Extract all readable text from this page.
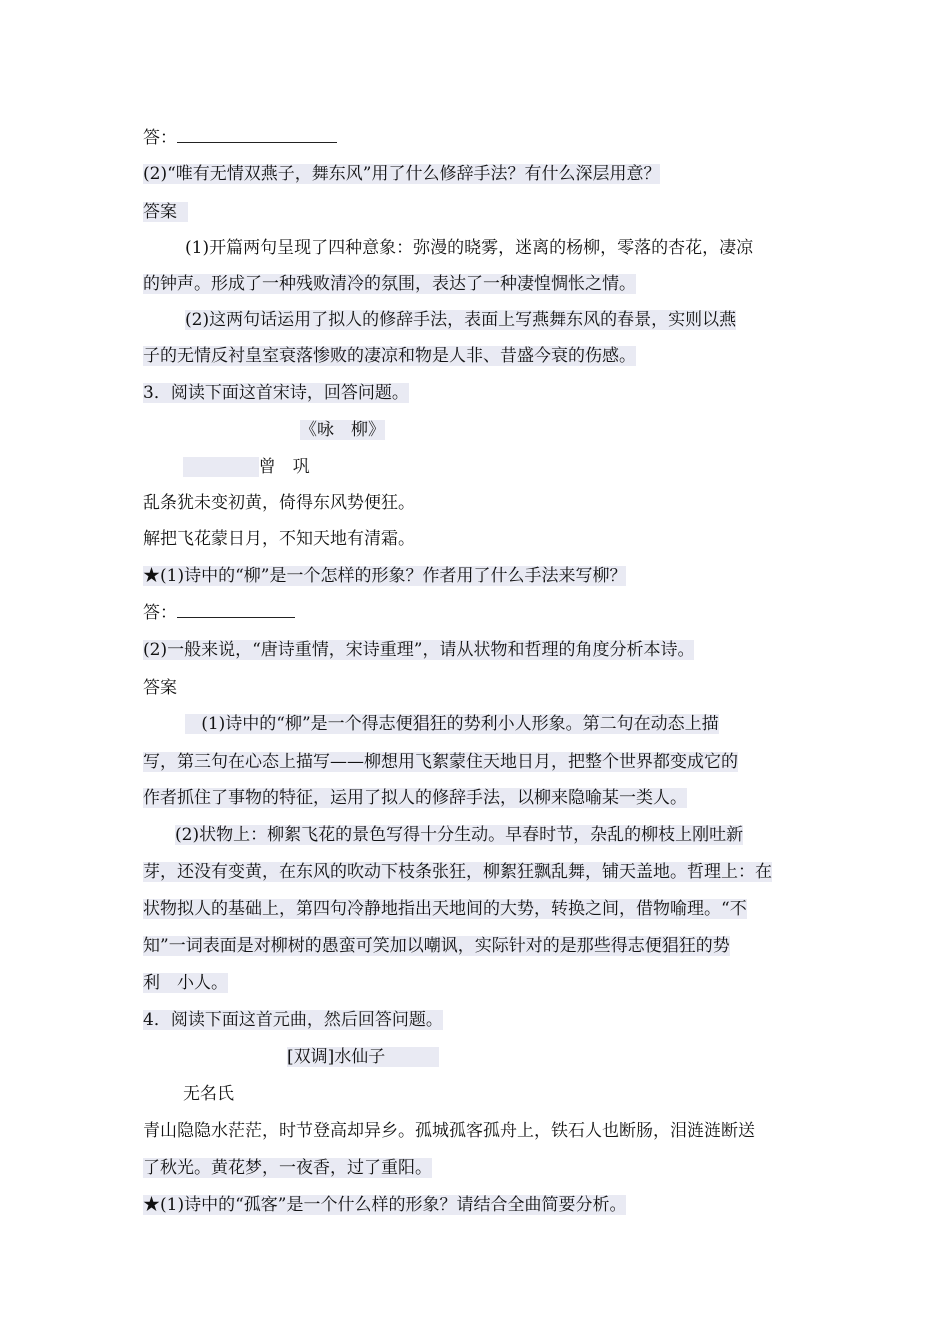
答：
(2)“唯有无情双燕子，舞东风”用了什么修辞手法？有什么深层用意？
答案
(1)开篇两句呈现了四种意象：弥漫的晓雾，迷离的杨柳，零落的杏花，凄凉
的钟声。形成了一种残败清冷的氛围，表达了一种凄惶惆怅之情。
(2)这两句话运用了拟人的修辞手法，表面上写燕舞东风的春景，实则以燕
子的无情反衬皇室衰落惨败的凄凉和物是人非、昔盛今衰的伤感。
3．阅读下面这首宋诗，回答问题。
《咏　柳》
曾　巩
乱条犹未变初黄，倚得东风势便狂。
解把飞花蒙日月，不知天地有清霜。
★(1)诗中的“柳”是一个怎样的形象？作者用了什么手法来写柳？
答：
(2)一般来说，“唐诗重情，宋诗重理”，请从状物和哲理的角度分析本诗。
答案
(1)诗中的“柳”是一个得志便猖狂的势利小人形象。第二句在动态上描
写，第三句在心态上描写——柳想用飞絮蒙住天地日月，把整个世界都变成它的
作者抓住了事物的特征，运用了拟人的修辞手法，以柳来隐喻某一类人。
(2)状物上：柳絮飞花的景色写得十分生动。早春时节，杂乱的柳枝上刚吐新
芽，还没有变黄，在东风的吹动下枝条张狂，柳絮狂飘乱舞，铺天盖地。哲理上：在
状物拟人的基础上，第四句冷静地指出天地间的大势，转换之间，借物喻理。“不
知”一词表面是对柳树的愚蛮可笑加以嘲讽，实际针对的是那些得志便猖狂的势
利　小人。
4．阅读下面这首元曲，然后回答问题。
[双调]水仙子
无名氏
青山隐隐水茫茫，时节登高却异乡。孤城孤客孤舟上，铁石人也断肠，泪涟涟断送
了秋光。黄花梦，一夜香，过了重阳。
★(1)诗中的“孤客”是一个什么样的形象？请结合全曲简要分析。
